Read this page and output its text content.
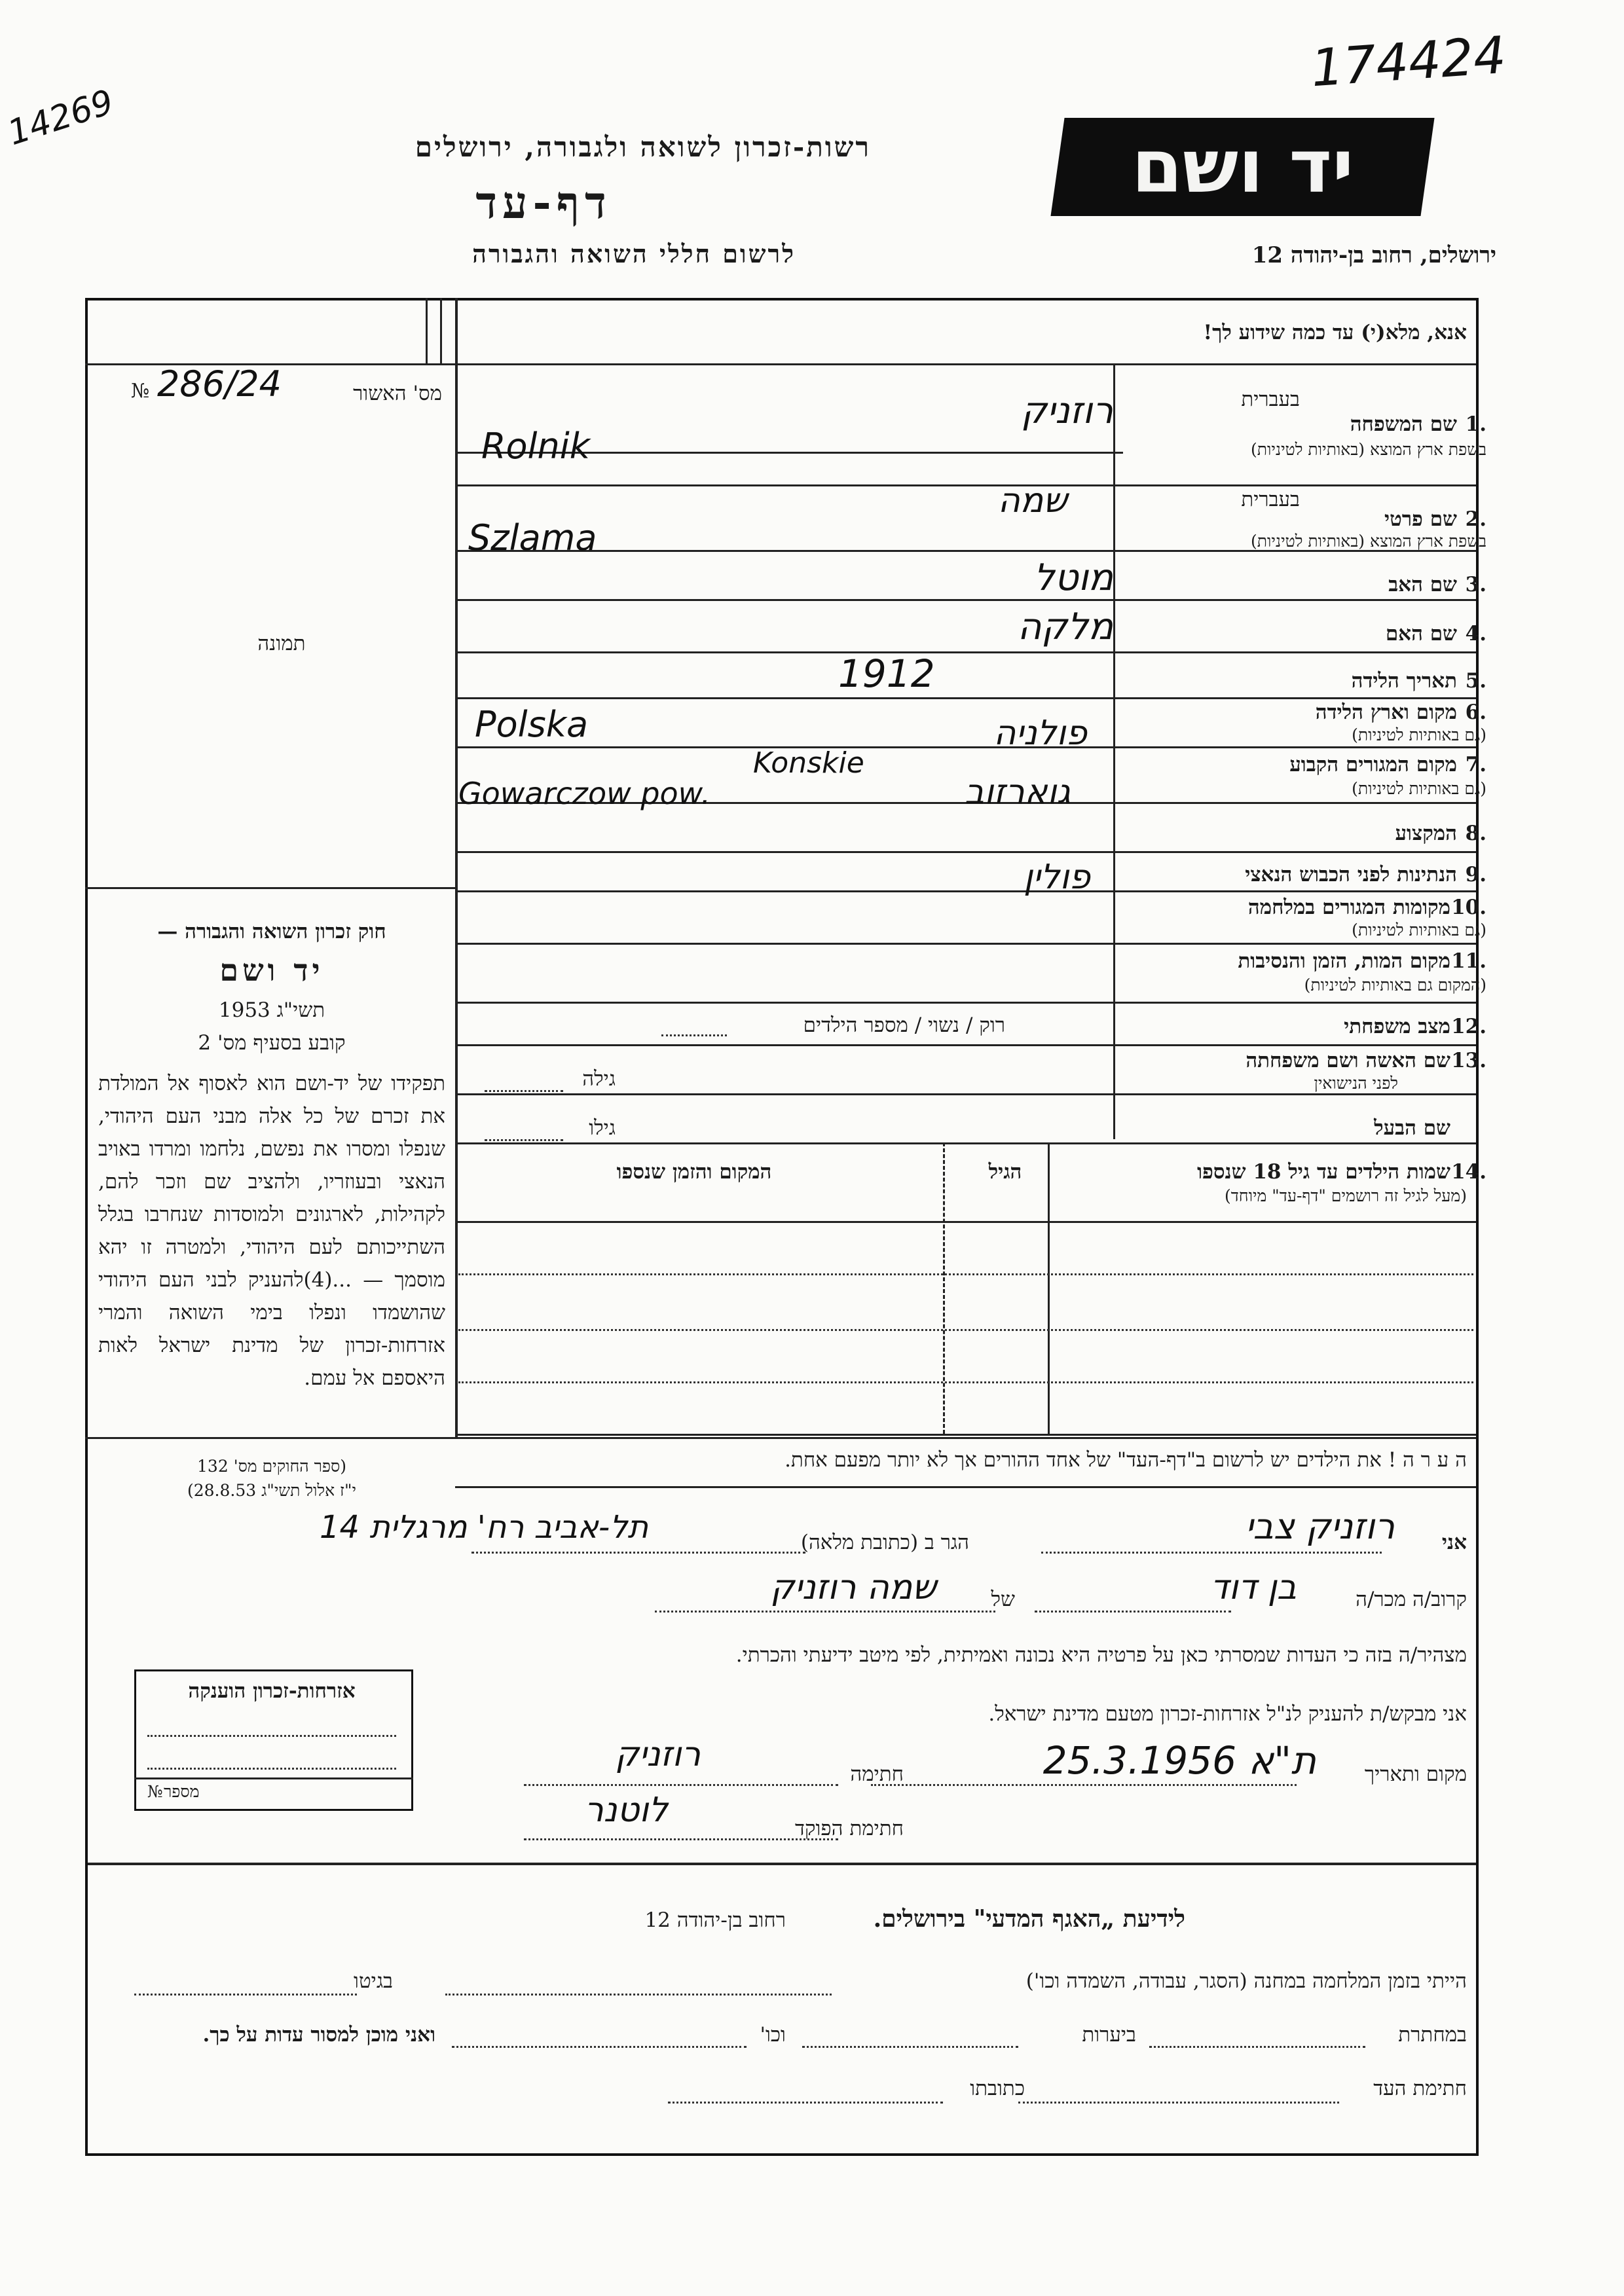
174424
14269
יד ושם
רשות-זכרון לשואה ולגבורה, ירושלים
דף-עד
לרשום חללי השואה והגבורה	ירושלים, רחוב בן-יהודה 12
אנא, מלא(י) עד כמה שידוע לך!
№ 286/24	מס' האשור
תמונה
בעברית
1.
שם המשפחה
בשפת ארץ המוצא (באותיות לטיניות)
רוזניק
Rolnik
בעברית
2.
שם פרטי
בשפת ארץ המוצא (באותיות לטיניות)
שמה
Szlama
3.
שם האב
מוטל
4.
שם האם
מלקה
5.
תאריך הלידה
1912
6.
מקום וארץ הלידה
(גם באותיות לטיניות)
Polska	פולניה
7.
מקום המגורים הקבוע
(גם באותיות לטיניות)
Konskie
Gowarczow pow.	גוארזוב
8.
המקצוע
9.
הנתינות לפני הכבוש הנאצי
פולין
10.
מקומות המגורים במלחמה
(גם באותיות לטיניות)
11.
מקום המות, הזמן והנסיבות
(המקום גם באותיות לטיניות)
12.
מצב משפחתי
רוק / נשוי / מספר הילדים
13.
שם האשה ושם משפחתה
לפני הנישואין
גילה
שם הבעל
גילו
14.
שמות הילדים עד גיל 18 שנספו
(מעל לגיל זה רושמים "דף-עד" מיוחד)
הגיל
המקום והזמן שנספו
חוק זכרון השואה והגבורה —
יד ושם
תשי"ג 1953
קובע בסעיף מס' 2
תפקידו של יד-ושם הוא לאסוף אל המולדת את זכרם של כל אלה מבני העם היהודי, שנפלו ומסרו את נפשם, נלחמו ומרדו באויב הנאצי ובעוזריו, ולהציב שם וזכר להם, לקהילות, לארגונים ולמוסדות שנחרבו בגלל השתייכותם לעם היהודי, ולמטרה זו יהא מוסמך — ...(4)להעניק לבני העם היהודי שהושמדו ונפלו בימי השואה והמרי אזרחות-זכרון של מדינת ישראל לאות היאספם אל עמם.
(ספר החוקים מס' 132
י"ז אלול תשי"ג 28.8.53)
ה ע ר ה ! את הילדים יש לרשום ב"דף-העד" של אחד ההורים אך לא יותר מפעם אחת.
אזרחות-זכרון הוענקה
מספר
№
אני
רוזניק צבי
הגר ב (כתובת מלאה)
תל-אביב רח' מרגלית 14
קרוב/ה מכר/ה
בן דוד
של
שמה רוזניק
מצהיר/ה בזה כי העדות שמסרתי כאן על פרטיה היא נכונה ואמיתית, לפי מיטב ידיעתי והכרתי.
אני מבקש/ת להעניק לנ"ל אזרחות-זכרון מטעם מדינת ישראל.
מקום ותאריך
ת"א 25.3.1956
חתימה
רוזניק
חתימת הפוקד
לוטנר
לידיעת „האגף המדעי" בירושלים.
רחוב בן-יהודה 12
הייתי בזמן המלחמה במחנה (הסגר, עבודה, השמדה וכו')
בגיטו
במחתרת
ביערות
וכו'
ואני מוכן למסור עדות על כך.
חתימת העד
כתובתו
